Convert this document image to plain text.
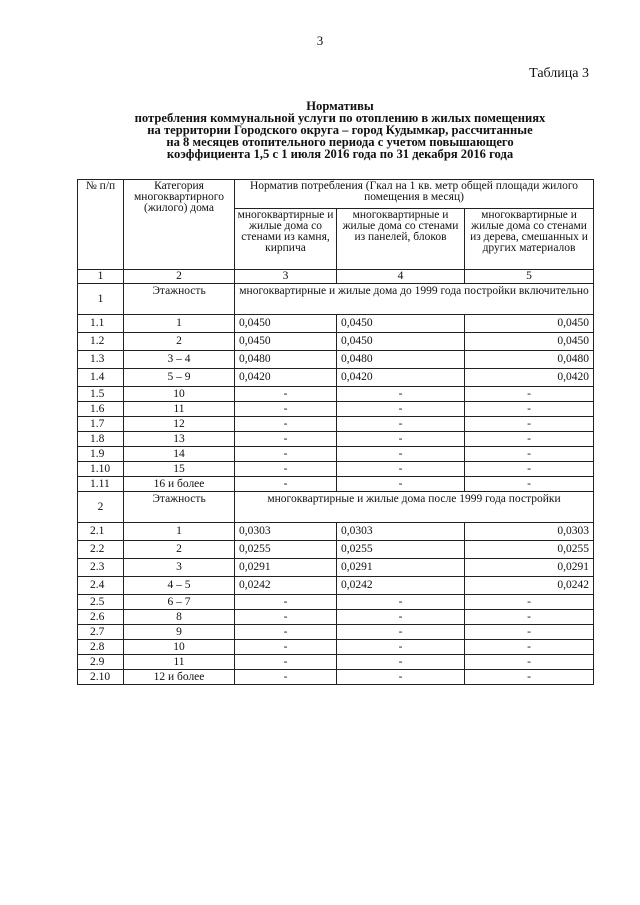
3
Таблица 3
Нормативы
потребления коммунальной услуги по отоплению в жилых помещениях
на территории Городского округа – город Кудымкар, рассчитанные
на 8 месяцев отопительного периода с учетом повышающего
коэффициента 1,5 с 1 июля 2016 года по 31 декабря 2016 года
№ п/п	Категория многоквартирного (жилого) дома	Норматив потребления (Гкал на 1 кв. метр общей площади жилого помещения в месяц)		
		многоквартирные и жилые дома со стенами из камня, кирпича	многоквартирные и жилые дома со стенами из панелей, блоков	многоквартирные и жилые дома со стенами из дерева, смешанных и других материалов
1	2	3	4	5
1	Этажность	многоквартирные и жилые дома до 1999 года постройки включительно		
1.1	1	0,0450	0,0450	0,0450
1.2	2	0,0450	0,0450	0,0450
1.3	3 – 4	0,0480	0,0480	0,0480
1.4	5 – 9	0,0420	0,0420	0,0420
1.5	10	-	-	-
1.6	11	-	-	-
1.7	12	-	-	-
1.8	13	-	-	-
1.9	14	-	-	-
1.10	15	-	-	-
1.11	16 и более	-	-	-
2	Этажность	многоквартирные и жилые дома после 1999 года постройки		
2.1	1	0,0303	0,0303	0,0303
2.2	2	0,0255	0,0255	0,0255
2.3	3	0,0291	0,0291	0,0291
2.4	4 – 5	0,0242	0,0242	0,0242
2.5	6 – 7	-	-	-
2.6	8	-	-	-
2.7	9	-	-	-
2.8	10	-	-	-
2.9	11	-	-	-
2.10	12 и более	-	-	-
